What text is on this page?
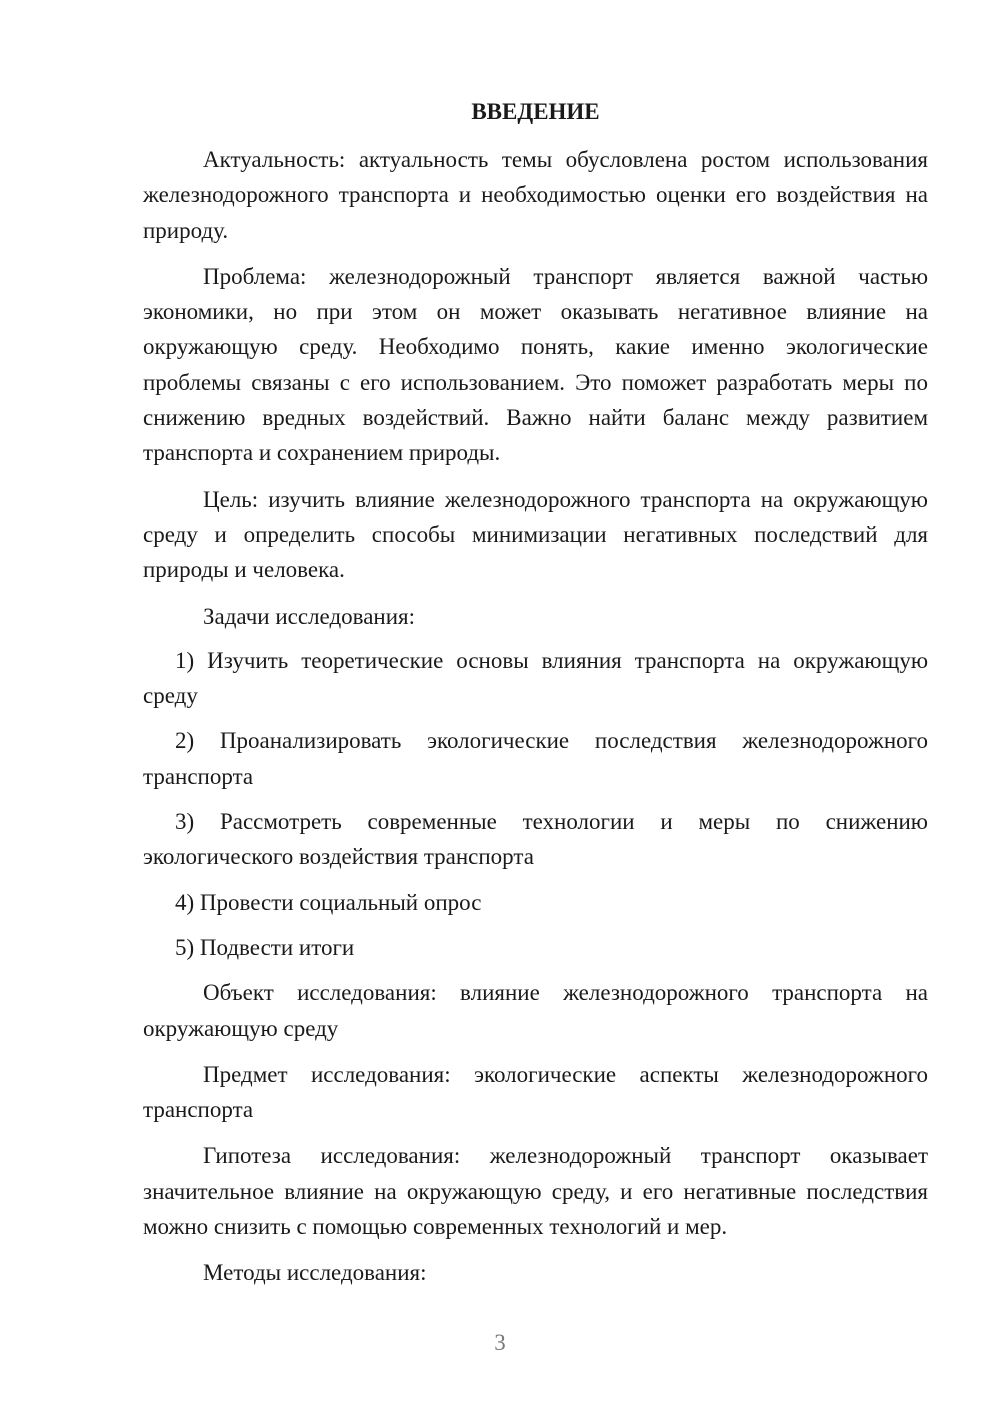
ВВЕДЕНИЕ

Актуальность: актуальность темы обусловлена ростом использования железнодорожного транспорта и необходимостью оценки его воздействия на природу.

Проблема: железнодорожный транспорт является важной частью экономики, но при этом он может оказывать негативное влияние на окружающую среду. Необходимо понять, какие именно экологические проблемы связаны с его использованием. Это поможет разработать меры по снижению вредных воздействий. Важно найти баланс между развитием транспорта и сохранением природы.

Цель: изучить влияние железнодорожного транспорта на окружающую среду и определить способы минимизации негативных последствий для природы и человека.

Задачи исследования:

1) Изучить теоретические основы влияния транспорта на окружающую среду

2) Проанализировать экологические последствия железнодорожного транспорта

3) Рассмотреть современные технологии и меры по снижению экологического воздействия транспорта

4) Провести социальный опрос

5) Подвести итоги

Объект исследования: влияние железнодорожного транспорта на окружающую среду

Предмет исследования: экологические аспекты железнодорожного транспорта

Гипотеза исследования: железнодорожный транспорт оказывает значительное влияние на окружающую среду, и его негативные последствия можно снизить с помощью современных технологий и мер.

Методы исследования:

3
